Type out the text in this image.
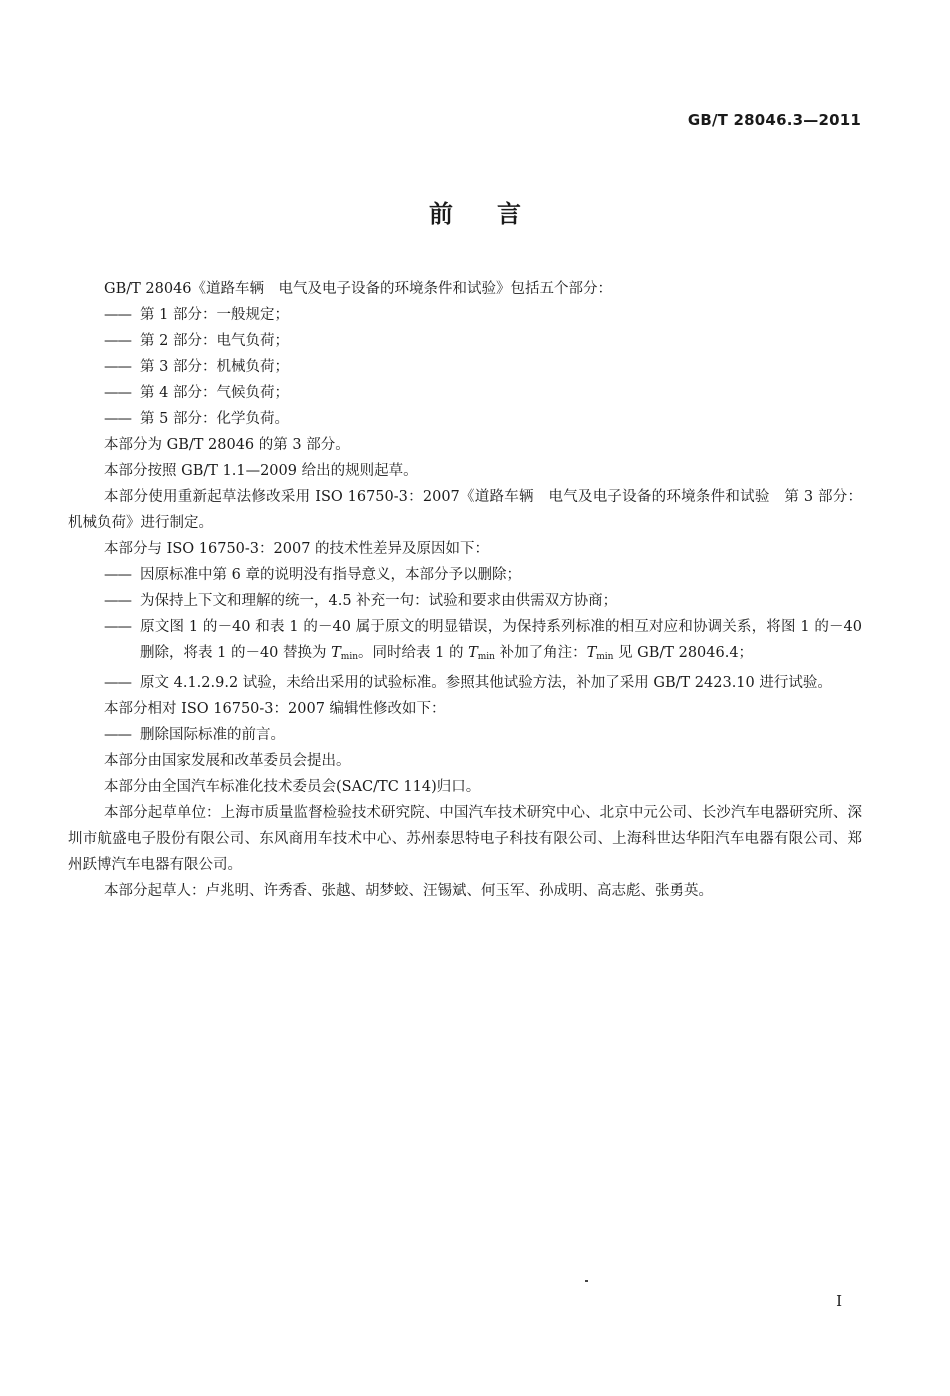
GB/T 28046.3—2011
前言

GB/T 28046《道路车辆　电气及电子设备的环境条件和试验》包括五个部分：

—— 第 1 部分：一般规定；

—— 第 2 部分：电气负荷；

—— 第 3 部分：机械负荷；

—— 第 4 部分：气候负荷；

—— 第 5 部分：化学负荷。

本部分为 GB/T 28046 的第 3 部分。

本部分按照 GB/T 1.1—2009 给出的规则起草。

本部分使用重新起草法修改采用 ISO 16750-3：2007《道路车辆　电气及电子设备的环境条件和试验　第 3 部分：机械负荷》进行制定。

本部分与 ISO 16750-3：2007 的技术性差异及原因如下：

—— 因原标准中第 6 章的说明没有指导意义，本部分予以删除；

—— 为保持上下文和理解的统一，4.5 补充一句：试验和要求由供需双方协商；

—— 原文图 1 的－40 和表 1 的－40 属于原文的明显错误，为保持系列标准的相互对应和协调关系，将图 1 的－40 删除，将表 1 的－40 替换为 $T_{min}$。同时给表 1 的 $T_{min}$ 补加了角注：$T_{min}$ 见 GB/T 28046.4；

—— 原文 4.1.2.9.2 试验，未给出采用的试验标准。参照其他试验方法，补加了采用 GB/T 2423.10 进行试验。

本部分相对 ISO 16750-3：2007 编辑性修改如下：

—— 删除国际标准的前言。

本部分由国家发展和改革委员会提出。

本部分由全国汽车标准化技术委员会(SAC/TC 114)归口。

本部分起草单位：上海市质量监督检验技术研究院、中国汽车技术研究中心、北京中元公司、长沙汽车电器研究所、深圳市航盛电子股份有限公司、东风商用车技术中心、苏州泰思特电子科技有限公司、上海科世达华阳汽车电器有限公司、郑州跃博汽车电器有限公司。

本部分起草人：卢兆明、许秀香、张越、胡梦蛟、汪锡斌、何玉军、孙成明、高志彪、张勇英。

I
